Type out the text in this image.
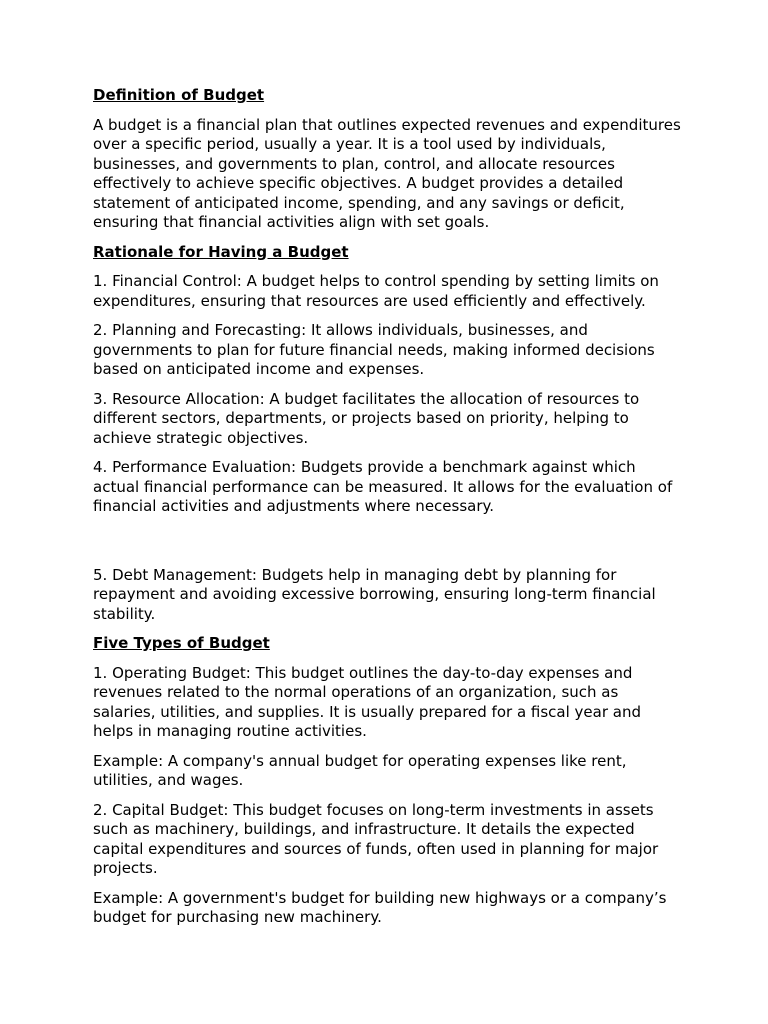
Definition of Budget

A budget is a financial plan that outlines expected revenues and expenditures over a specific period, usually a year. It is a tool used by individuals, businesses, and governments to plan, control, and allocate resources effectively to achieve specific objectives. A budget provides a detailed statement of anticipated income, spending, and any savings or deficit, ensuring that financial activities align with set goals.

Rationale for Having a Budget

1. Financial Control: A budget helps to control spending by setting limits on expenditures, ensuring that resources are used efficiently and effectively.

2. Planning and Forecasting: It allows individuals, businesses, and governments to plan for future financial needs, making informed decisions based on anticipated income and expenses.

3. Resource Allocation: A budget facilitates the allocation of resources to different sectors, departments, or projects based on priority, helping to achieve strategic objectives.

4. Performance Evaluation: Budgets provide a benchmark against which actual financial performance can be measured. It allows for the evaluation of financial activities and adjustments where necessary.

5. Debt Management: Budgets help in managing debt by planning for repayment and avoiding excessive borrowing, ensuring long-term financial stability.

Five Types of Budget

1. Operating Budget: This budget outlines the day-to-day expenses and revenues related to the normal operations of an organization, such as salaries, utilities, and supplies. It is usually prepared for a fiscal year and helps in managing routine activities.

Example: A company's annual budget for operating expenses like rent, utilities, and wages.

2. Capital Budget: This budget focuses on long-term investments in assets such as machinery, buildings, and infrastructure. It details the expected capital expenditures and sources of funds, often used in planning for major projects.

Example: A government's budget for building new highways or a company’s budget for purchasing new machinery.
